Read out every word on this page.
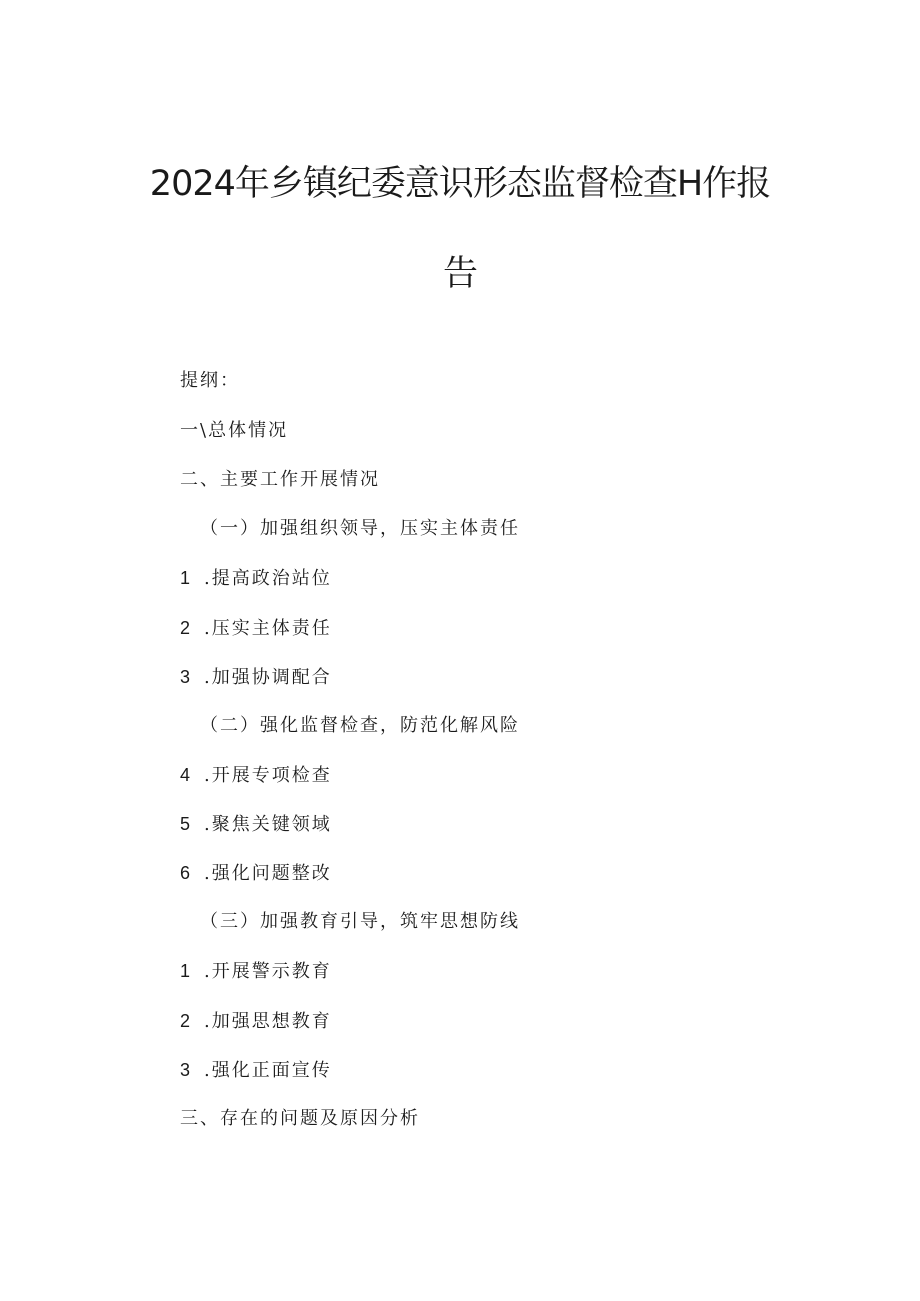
2024年乡镇纪委意识形态监督检查H作报
告
提纲：
一\总体情况
二、主要工作开展情况
（一）加强组织领导，压实主体责任
1 .提高政治站位
2 .压实主体责任
3 .加强协调配合
（二）强化监督检查，防范化解风险
4 .开展专项检查
5 .聚焦关键领域
6 .强化问题整改
（三）加强教育引导，筑牢思想防线
1 .开展警示教育
2 .加强思想教育
3 .强化正面宣传
三、存在的问题及原因分析
